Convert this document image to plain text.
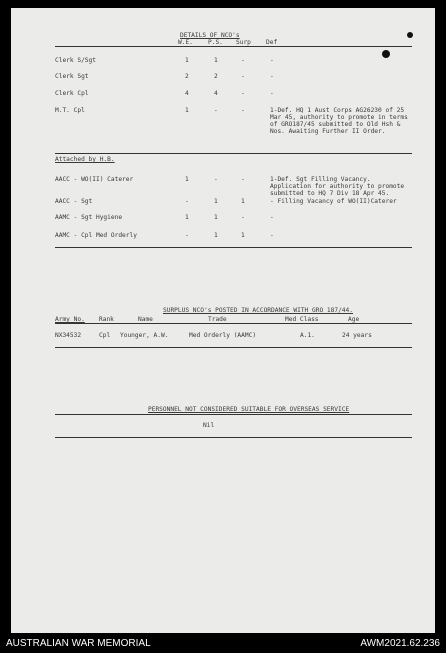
DETAILS OF NCO's
W.E. P.S. Surp Def
Clerk S/Sgt	1	1	-	-
Clerk Sgt	2	2	-	-
Clerk Cpl	4	4	-	-
M.T. Cpl	1	-	-	1-Def. HQ 1 Aust Corps AG26230 of 25 Mar 45, authority to promote in terms of GRO187/45 submitted to Old Hsh & Nos. Awaiting Further II Order.
Attached by H.B.
AACC - WO(II) Caterer	1	-	-	1-Def. Sgt Filling Vacancy. Application for authority to promote submitted to HQ 7 Div 18 Apr 45.
AACC - Sgt	-	1	1	- Filling Vacancy of WO(II)Caterer
AAMC - Sgt Hygiene	1	1	-	-
AAMC - Cpl Med Orderly	-	1	1	-
SURPLUS NCO's POSTED IN ACCORDANCE WITH GRO 187/44.
Army No. Rank	Name	Trade	Med Class	Age
NX34532	Cpl Younger, A.W.	Med Orderly (AAMC)	A.1.	24 years
PERSONNEL NOT CONSIDERED SUITABLE FOR OVERSEAS SERVICE
Nil
AUSTRALIAN WAR MEMORIAL	AWM2021.62.236
